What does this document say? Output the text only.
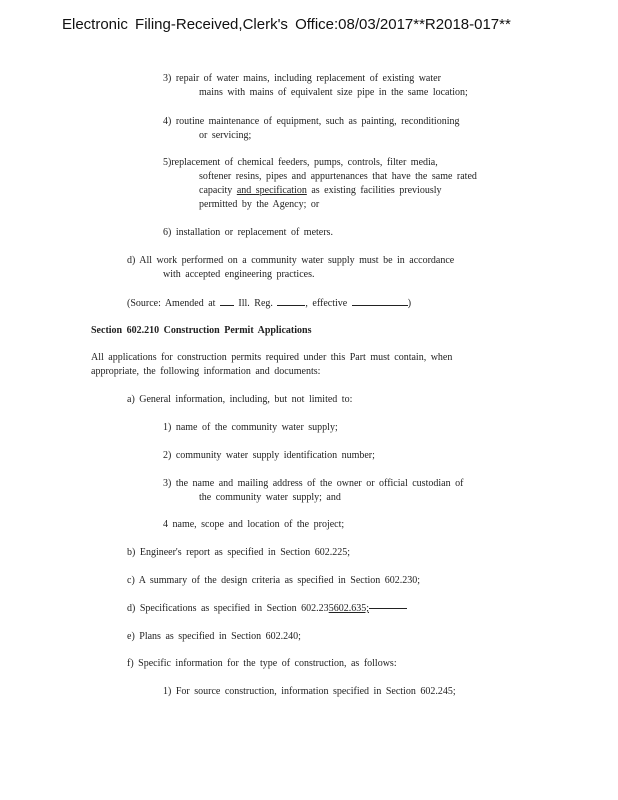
Electronic Filing-Received,Clerk's Office:08/03/2017**R2018-017**
3) repair of water mains, including replacement of existing water
mains with mains of equivalent size pipe in the same location;
4) routine maintenance of equipment, such as painting, reconditioning
or servicing;
5)replacement of chemical feeders, pumps, controls, filter media,
softener resins, pipes and appurtenances that have the same rated
capacity and specification as existing facilities previously
permitted by the Agency; or
6) installation or replacement of meters.
d) All work performed on a community water supply must be in accordance
with accepted engineering practices.
(Source: Amended at Ill. Reg.	, effective	)
Section 602.210 Construction Permit Applications
All applications for construction permits required under this Part must contain, when
appropriate, the following information and documents:
a) General information, including, but not limited to:
1) name of the community water supply;
2) community water supply identification number;
3) the name and mailing address of the owner or official custodian of
the community water supply; and
4 name, scope and location of the project;
b) Engineer's report as specified in Section 602.225;
c) A summary of the design criteria as specified in Section 602.230;
d) Specifications as specified in Section 602.235602.635;
e) Plans as specified in Section 602.240;
f) Specific information for the type of construction, as follows:
1) For source construction, information specified in Section 602.245;
